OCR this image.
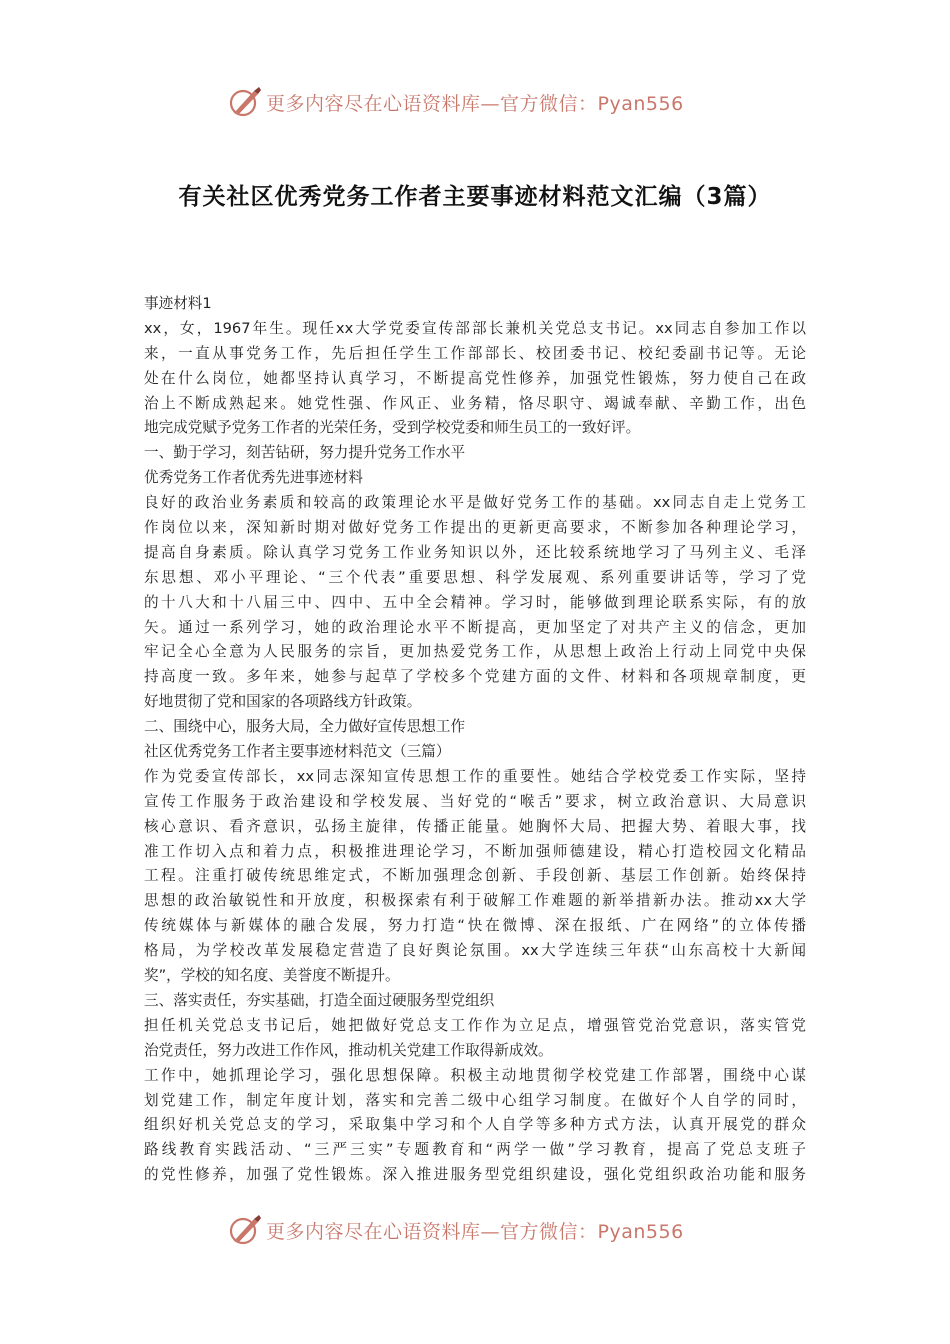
更多内容尽在心语资料库—官方微信：Pyan556
有关社区优秀党务工作者主要事迹材料范文汇编（3篇）
事迹材料1
xx，女，1967年生。现任xx大学党委宣传部部长兼机关党总支书记。xx同志自参加工作以
来，一直从事党务工作，先后担任学生工作部部长、校团委书记、校纪委副书记等。无论
处在什么岗位，她都坚持认真学习，不断提高党性修养，加强党性锻炼，努力使自己在政
治上不断成熟起来。她党性强、作风正、业务精，恪尽职守、竭诚奉献、辛勤工作，出色
地完成党赋予党务工作者的光荣任务，受到学校党委和师生员工的一致好评。
一、勤于学习，刻苦钻研，努力提升党务工作水平
优秀党务工作者优秀先进事迹材料
良好的政治业务素质和较高的政策理论水平是做好党务工作的基础。xx同志自走上党务工
作岗位以来，深知新时期对做好党务工作提出的更新更高要求，不断参加各种理论学习，
提高自身素质。除认真学习党务工作业务知识以外，还比较系统地学习了马列主义、毛泽
东思想、邓小平理论、“三个代表”重要思想、科学发展观、系列重要讲话等，学习了党
的十八大和十八届三中、四中、五中全会精神。学习时，能够做到理论联系实际，有的放
矢。通过一系列学习，她的政治理论水平不断提高，更加坚定了对共产主义的信念，更加
牢记全心全意为人民服务的宗旨，更加热爱党务工作，从思想上政治上行动上同党中央保
持高度一致。多年来，她参与起草了学校多个党建方面的文件、材料和各项规章制度，更
好地贯彻了党和国家的各项路线方针政策。
二、围绕中心，服务大局，全力做好宣传思想工作
社区优秀党务工作者主要事迹材料范文（三篇）
作为党委宣传部长，xx同志深知宣传思想工作的重要性。她结合学校党委工作实际，坚持
宣传工作服务于政治建设和学校发展、当好党的“喉舌”要求，树立政治意识、大局意识
核心意识、看齐意识，弘扬主旋律，传播正能量。她胸怀大局、把握大势、着眼大事，找
准工作切入点和着力点，积极推进理论学习，不断加强师德建设，精心打造校园文化精品
工程。注重打破传统思维定式，不断加强理念创新、手段创新、基层工作创新。始终保持
思想的政治敏锐性和开放度，积极探索有利于破解工作难题的新举措新办法。推动xx大学
传统媒体与新媒体的融合发展，努力打造“快在微博、深在报纸、广在网络”的立体传播
格局，为学校改革发展稳定营造了良好舆论氛围。xx大学连续三年获“山东高校十大新闻
奖”，学校的知名度、美誉度不断提升。
三、落实责任，夯实基础，打造全面过硬服务型党组织
担任机关党总支书记后，她把做好党总支工作作为立足点，增强管党治党意识，落实管党
治党责任，努力改进工作作风，推动机关党建工作取得新成效。
工作中，她抓理论学习，强化思想保障。积极主动地贯彻学校党建工作部署，围绕中心谋
划党建工作，制定年度计划，落实和完善二级中心组学习制度。在做好个人自学的同时，
组织好机关党总支的学习，采取集中学习和个人自学等多种方式方法，认真开展党的群众
路线教育实践活动、“三严三实”专题教育和“两学一做”学习教育，提高了党总支班子
的党性修养，加强了党性锻炼。深入推进服务型党组织建设，强化党组织政治功能和服务
更多内容尽在心语资料库—官方微信：Pyan556
